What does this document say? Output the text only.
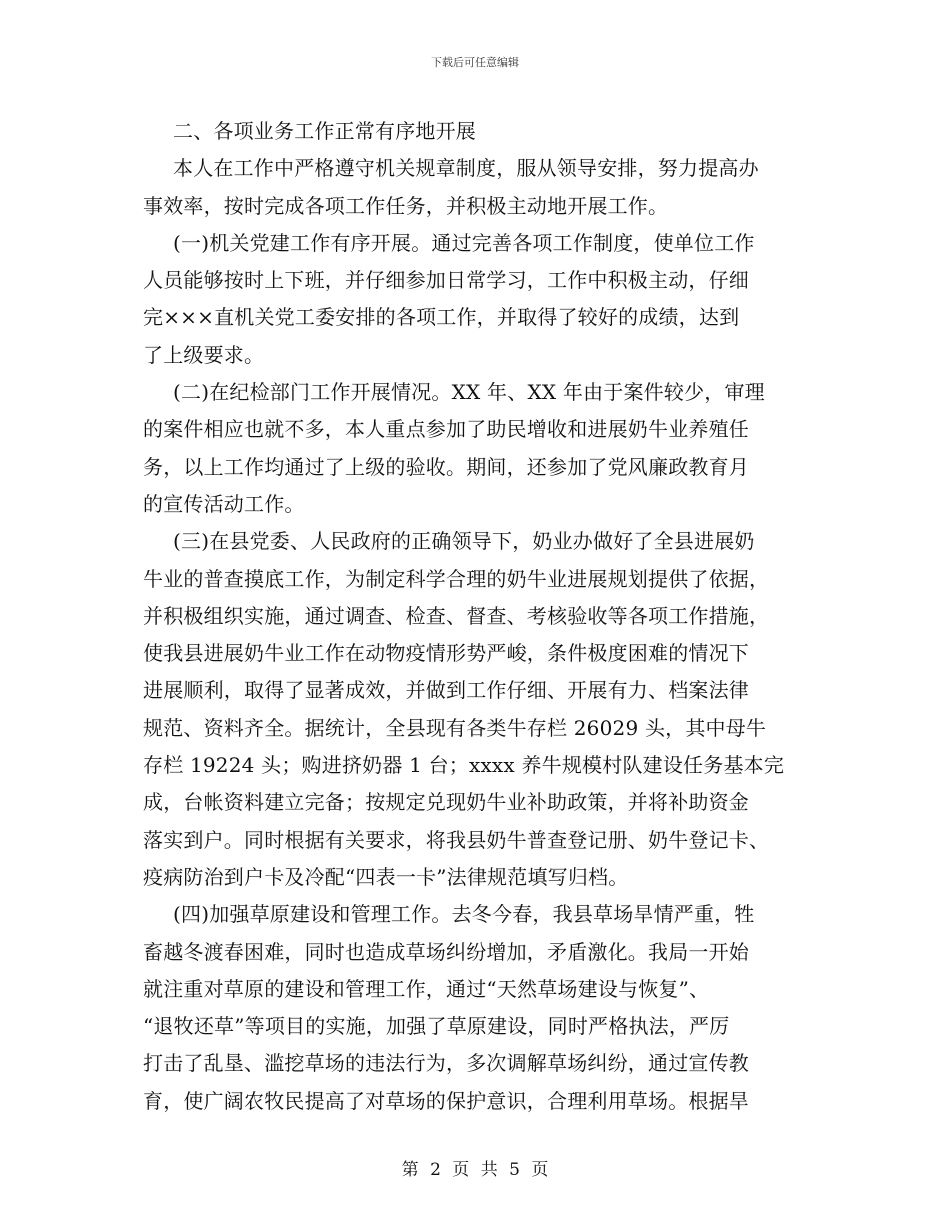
下载后可任意编辑
二、各项业务工作正常有序地开展
本人在工作中严格遵守机关规章制度，服从领导安排，努力提高办
事效率，按时完成各项工作任务，并积极主动地开展工作。
(一)机关党建工作有序开展。通过完善各项工作制度，使单位工作
人员能够按时上下班，并仔细参加日常学习，工作中积极主动，仔细
完×××直机关党工委安排的各项工作，并取得了较好的成绩，达到
了上级要求。
(二)在纪检部门工作开展情况。XX 年、XX 年由于案件较少，审理
的案件相应也就不多，本人重点参加了助民增收和进展奶牛业养殖任
务，以上工作均通过了上级的验收。期间，还参加了党风廉政教育月
的宣传活动工作。
(三)在县党委、人民政府的正确领导下，奶业办做好了全县进展奶
牛业的普查摸底工作，为制定科学合理的奶牛业进展规划提供了依据，
并积极组织实施，通过调查、检查、督查、考核验收等各项工作措施，
使我县进展奶牛业工作在动物疫情形势严峻，条件极度困难的情况下
进展顺利，取得了显著成效，并做到工作仔细、开展有力、档案法律
规范、资料齐全。据统计，全县现有各类牛存栏 26029 头，其中母牛
存栏 19224 头；购进挤奶器 1 台；xxxx 养牛规模村队建设任务基本完
成，台帐资料建立完备；按规定兑现奶牛业补助政策，并将补助资金
落实到户。同时根据有关要求，将我县奶牛普查登记册、奶牛登记卡、
疫病防治到户卡及冷配“四表一卡”法律规范填写归档。
(四)加强草原建设和管理工作。去冬今春，我县草场旱情严重，牲
畜越冬渡春困难，同时也造成草场纠纷增加，矛盾激化。我局一开始
就注重对草原的建设和管理工作，通过“天然草场建设与恢复”、
“退牧还草”等项目的实施，加强了草原建设，同时严格执法，严厉
打击了乱垦、滥挖草场的违法行为，多次调解草场纠纷，通过宣传教
育，使广阔农牧民提高了对草场的保护意识，合理利用草场。根据旱
第 2 页 共 5 页
